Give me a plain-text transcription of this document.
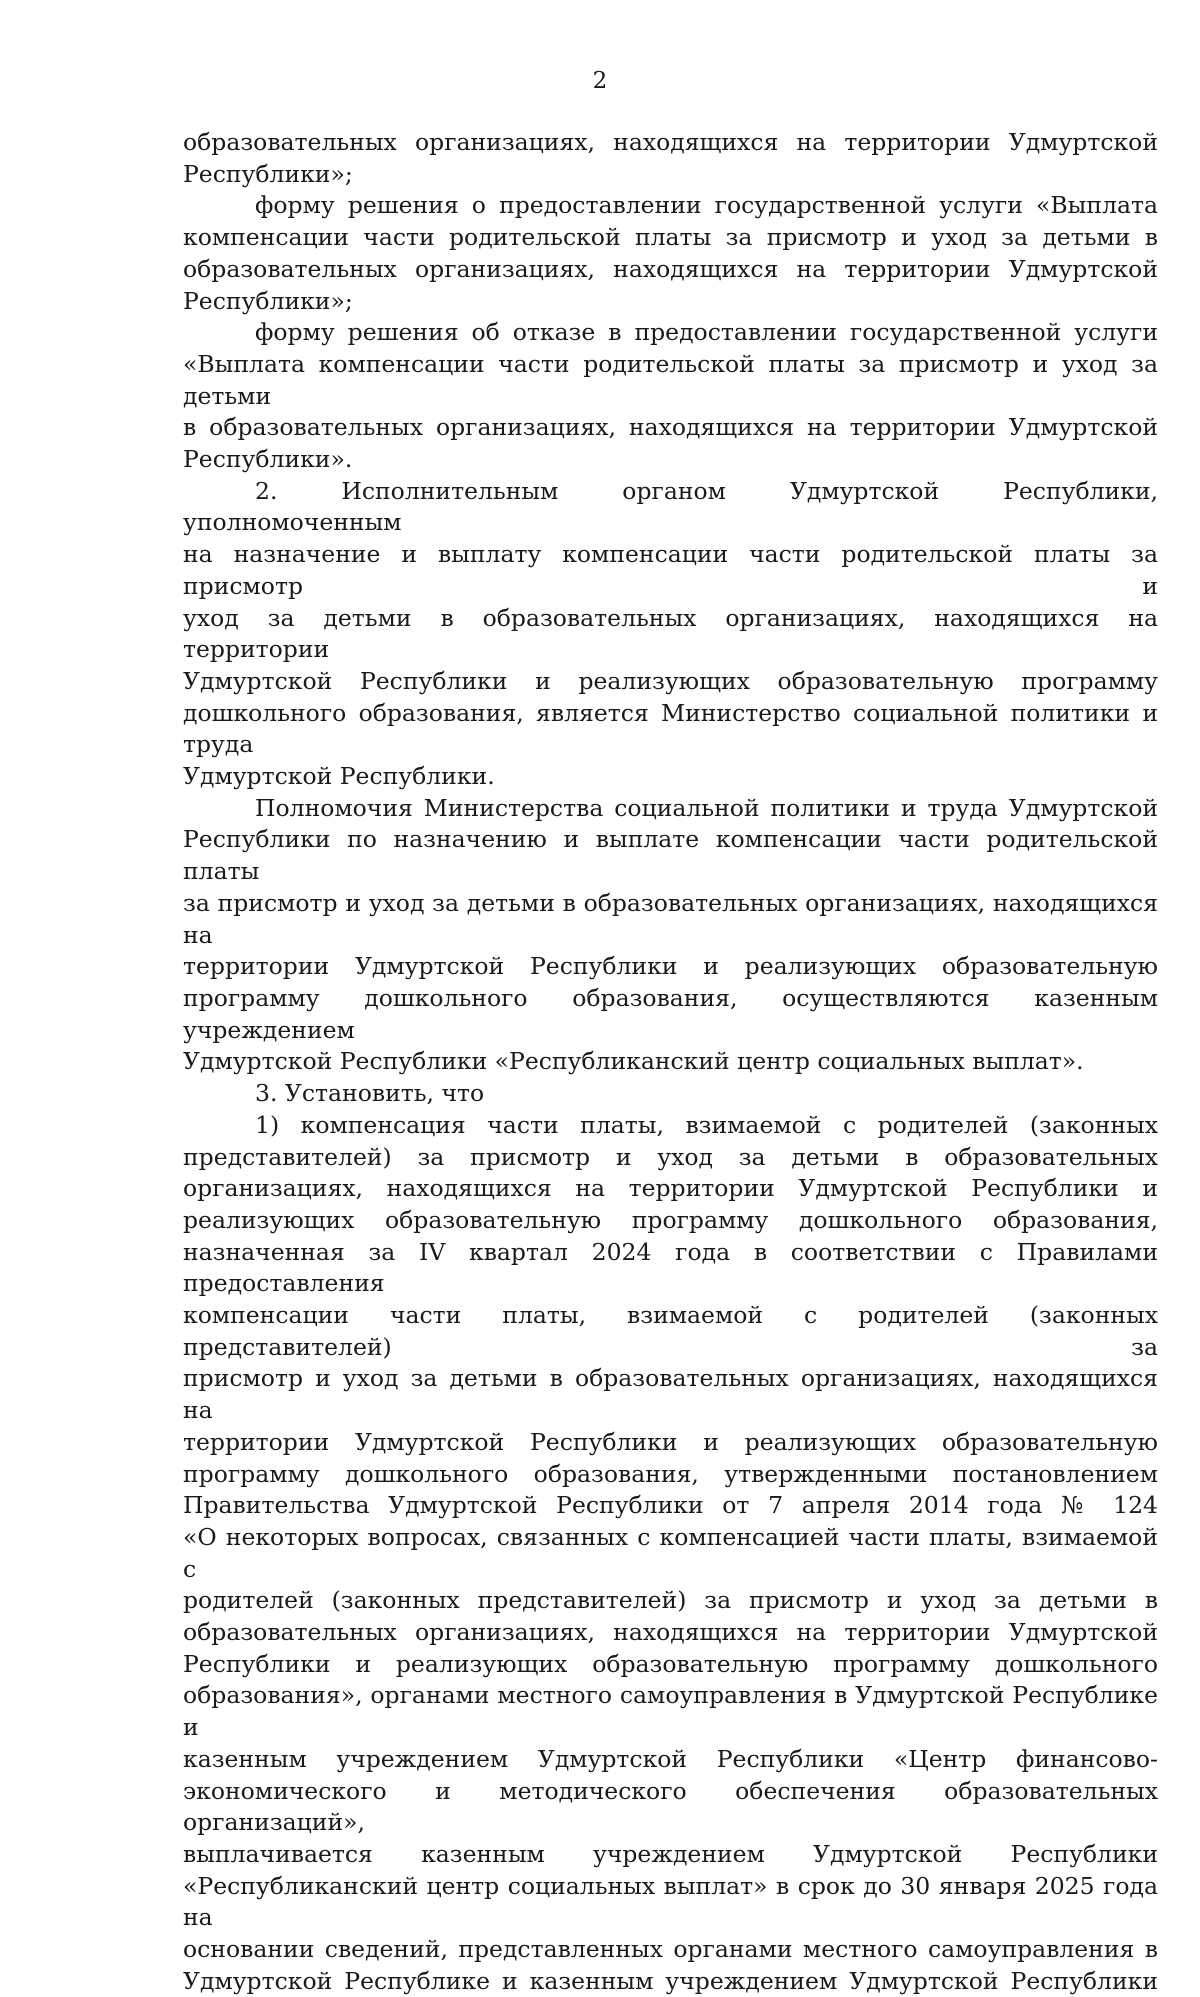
2
образовательных организациях, находящихся на территории Удмуртской
Республики»;
форму решения о предоставлении государственной услуги «Выплата
компенсации части родительской платы за присмотр и уход за детьми в
образовательных организациях, находящихся на территории Удмуртской
Республики»;
форму решения об отказе в предоставлении государственной услуги
«Выплата компенсации части родительской платы за присмотр и уход за детьми
в образовательных организациях, находящихся на территории Удмуртской
Республики».
2. Исполнительным органом Удмуртской Республики, уполномоченным
на назначение и выплату компенсации части родительской платы за присмотр и
уход за детьми в образовательных организациях, находящихся на территории
Удмуртской Республики и реализующих образовательную программу
дошкольного образования, является Министерство социальной политики и труда
Удмуртской Республики.
Полномочия Министерства социальной политики и труда Удмуртской
Республики по назначению и выплате компенсации части родительской платы
за присмотр и уход за детьми в образовательных организациях, находящихся на
территории Удмуртской Республики и реализующих образовательную
программу дошкольного образования, осуществляются казенным учреждением
Удмуртской Республики «Республиканский центр социальных выплат».
3. Установить, что
1) компенсация части платы, взимаемой с родителей (законных
представителей) за присмотр и уход за детьми в образовательных
организациях, находящихся на территории Удмуртской Республики и
реализующих образовательную программу дошкольного образования,
назначенная за IV квартал 2024 года в соответствии с Правилами предоставления
компенсации части платы, взимаемой с родителей (законных представителей) за
присмотр и уход за детьми в образовательных организациях, находящихся на
территории Удмуртской Республики и реализующих образовательную
программу дошкольного образования, утвержденными постановлением
Правительства Удмуртской Республики от 7 апреля 2014 года № 124
«О некоторых вопросах, связанных с компенсацией части платы, взимаемой с
родителей (законных представителей) за присмотр и уход за детьми в
образовательных организациях, находящихся на территории Удмуртской
Республики и реализующих образовательную программу дошкольного
образования», органами местного самоуправления в Удмуртской Республике и
казенным учреждением Удмуртской Республики «Центр финансово-
экономического и методического обеспечения образовательных организаций»,
выплачивается казенным учреждением Удмуртской Республики
«Республиканский центр социальных выплат» в срок до 30 января 2025 года на
основании сведений, представленных органами местного самоуправления в
Удмуртской Республике и казенным учреждением Удмуртской Республики
